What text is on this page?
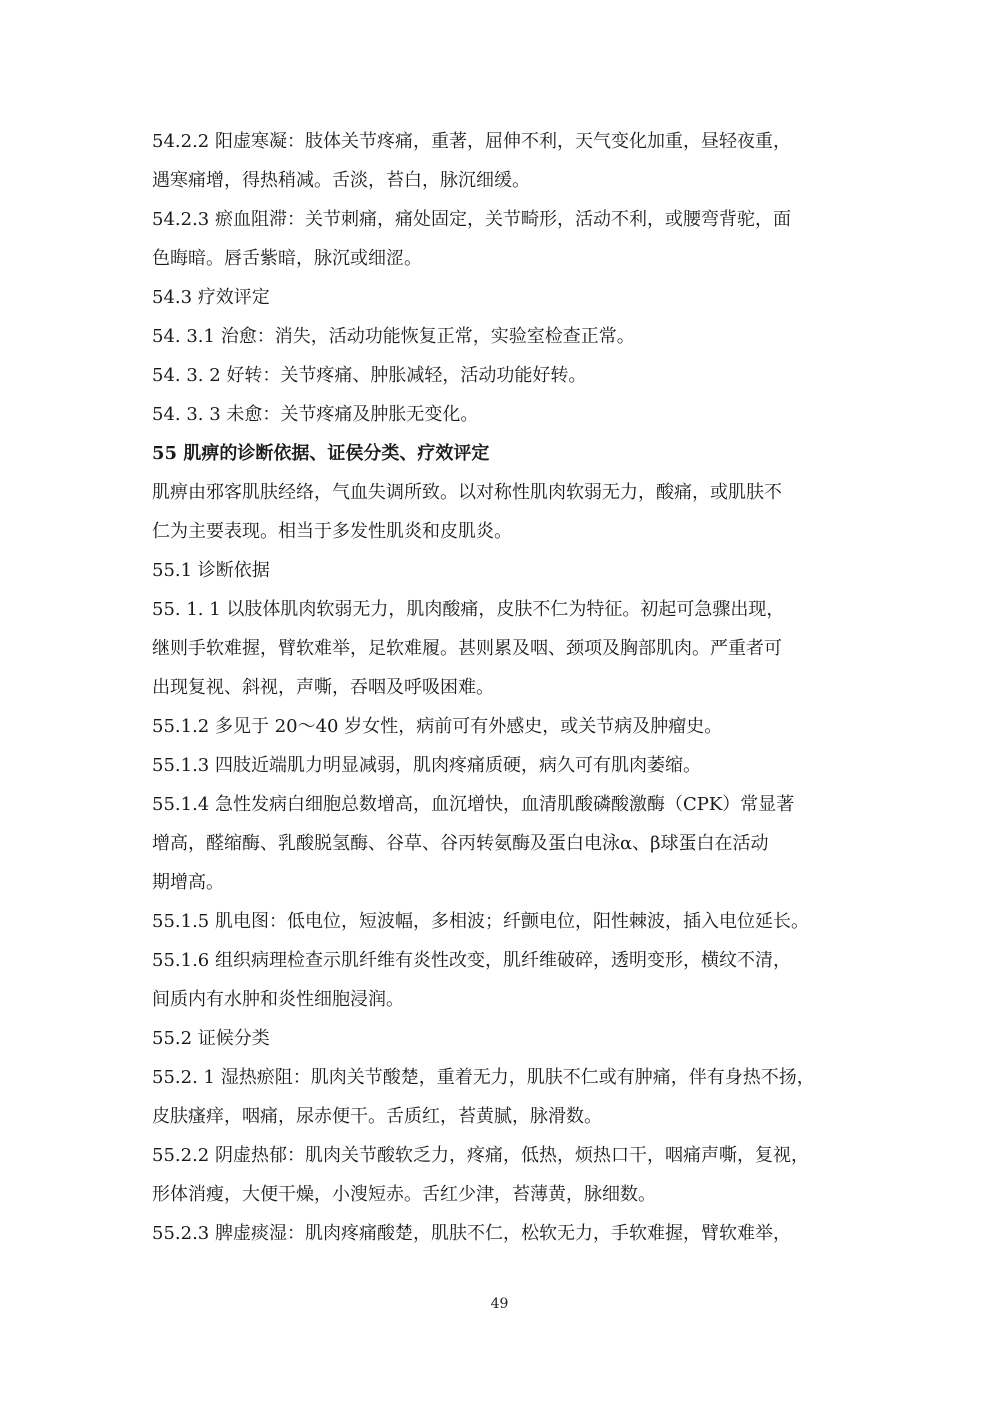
54.2.2 阳虚寒凝：肢体关节疼痛，重著，屈伸不利，天气变化加重，昼轻夜重，
遇寒痛增，得热稍减。舌淡，苔白，脉沉细缓。
54.2.3 瘀血阻滞：关节刺痛，痛处固定，关节畸形，活动不利，或腰弯背驼，面
色晦暗。唇舌紫暗，脉沉或细涩。
54.3 疗效评定
54. 3.1 治愈：消失，活动功能恢复正常，实验室检查正常。
54. 3. 2 好转：关节疼痛、肿胀减轻，活动功能好转。
54. 3. 3 未愈：关节疼痛及肿胀无变化。
55 肌痹的诊断依据、证侯分类、疗效评定
肌痹由邪客肌肤经络，气血失调所致。以对称性肌肉软弱无力，酸痛，或肌肤不
仁为主要表现。相当于多发性肌炎和皮肌炎。
55.1 诊断依据
55. 1. 1 以肢体肌肉软弱无力，肌肉酸痛，皮肤不仁为特征。初起可急骤出现，
继则手软难握，臂软难举，足软难履。甚则累及咽、颈项及胸部肌肉。严重者可
出现复视、斜视，声嘶，吞咽及呼吸困难。
55.1.2 多见于 20～40 岁女性，病前可有外感史，或关节病及肿瘤史。
55.1.3 四肢近端肌力明显减弱，肌肉疼痛质硬，病久可有肌肉萎缩。
55.1.4 急性发病白细胞总数增高，血沉增快，血清肌酸磷酸激酶（CPK）常显著
增高，醛缩酶、乳酸脱氢酶、谷草、谷丙转氨酶及蛋白电泳α、β球蛋白在活动
期增高。
55.1.5 肌电图：低电位，短波幅，多相波；纤颤电位，阳性棘波，插入电位延长。
55.1.6 组织病理检查示肌纤维有炎性改变，肌纤维破碎，透明变形，横纹不清，
间质内有水肿和炎性细胞浸润。
55.2 证候分类
55.2. 1 湿热瘀阻：肌肉关节酸楚，重着无力，肌肤不仁或有肿痛，伴有身热不扬，
皮肤瘙痒，咽痛，尿赤便干。舌质红，苔黄腻，脉滑数。
55.2.2 阴虚热郁：肌肉关节酸软乏力，疼痛，低热，烦热口干，咽痛声嘶，复视，
形体消瘦，大便干燥，小溲短赤。舌红少津，苔薄黄，脉细数。
55.2.3 脾虚痰湿：肌肉疼痛酸楚，肌肤不仁，松软无力，手软难握，臂软难举，
49
